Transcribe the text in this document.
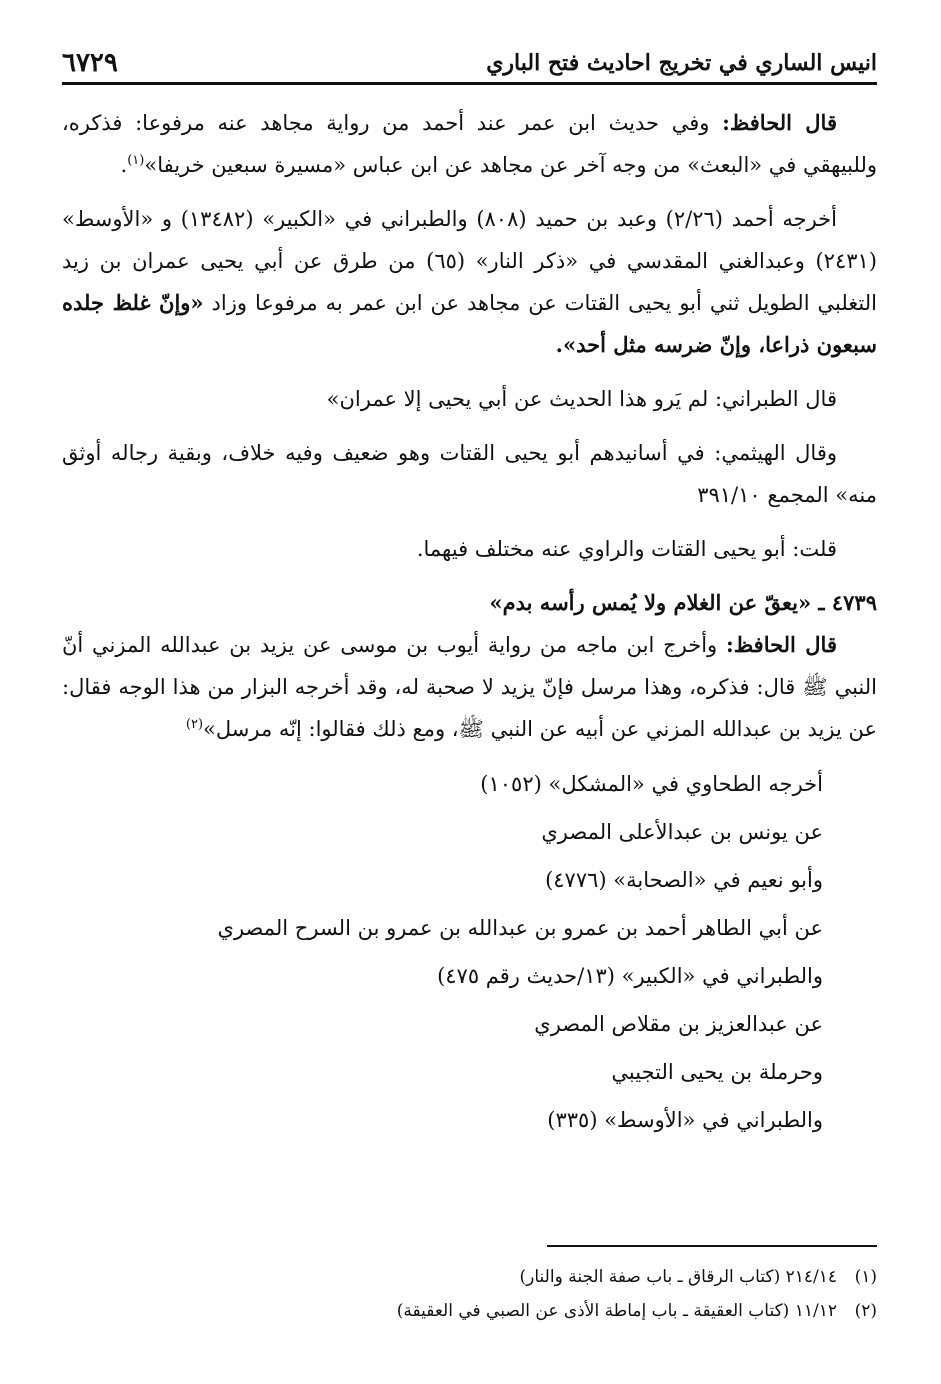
انيس الساري في تخريج احاديث فتح الباري
٦٧٢٩

قال الحافظ: وفي حديث ابن عمر عند أحمد من رواية مجاهد عنه مرفوعا: فذكره، وللبيهقي في «البعث» من وجه آخر عن مجاهد عن ابن عباس «مسيرة سبعين خريفا»$^{(١)}$.

أخرجه أحمد (٢/٢٦) وعبد بن حميد (٨٠٨) والطبراني في «الكبير» (١٣٤٨٢) و «الأوسط» (٢٤٣١) وعبدالغني المقدسي في «ذكر النار» (٦٥) من طرق عن أبي يحيى عمران بن زيد التغلبي الطويل ثني أبو يحيى القتات عن مجاهد عن ابن عمر به مرفوعا وزاد «وإنّ غلظ جلده سبعون ذراعا، وإنّ ضرسه مثل أحد».

قال الطبراني: لم يَرو هذا الحديث عن أبي يحيى إلا عمران»

وقال الهيثمي: في أسانيدهم أبو يحيى القتات وهو ضعيف وفيه خلاف، وبقية رجاله أوثق منه» المجمع ٣٩١/١٠

قلت: أبو يحيى القتات والراوي عنه مختلف فيهما.

٤٧٣٩ ـ «يعقّ عن الغلام ولا يُمس رأسه بدم»

قال الحافظ: وأخرج ابن ماجه من رواية أيوب بن موسى عن يزيد بن عبدالله المزني أنّ النبي ﷺ قال: فذكره، وهذا مرسل فإنّ يزيد لا صحبة له، وقد أخرجه البزار من هذا الوجه فقال: عن يزيد بن عبدالله المزني عن أبيه عن النبي ﷺ، ومع ذلك فقالوا: إنّه مرسل»$^{(٢)}$

أخرجه الطحاوي في «المشكل» (١٠٥٢)

عن يونس بن عبدالأعلى المصري

وأبو نعيم في «الصحابة» (٤٧٧٦)

عن أبي الطاهر أحمد بن عمرو بن عبدالله بن عمرو بن السرح المصري

والطبراني في «الكبير» (١٣/حديث رقم ٤٧٥)

عن عبدالعزيز بن مقلاص المصري

وحرملة بن يحيى التجيبي

والطبراني في «الأوسط» (٣٣٥)

(١)٢١٤/١٤ (كتاب الرقاق ـ باب صفة الجنة والنار)

(٢)١١/١٢ (كتاب العقيقة ـ باب إماطة الأذى عن الصبي في العقيقة)
